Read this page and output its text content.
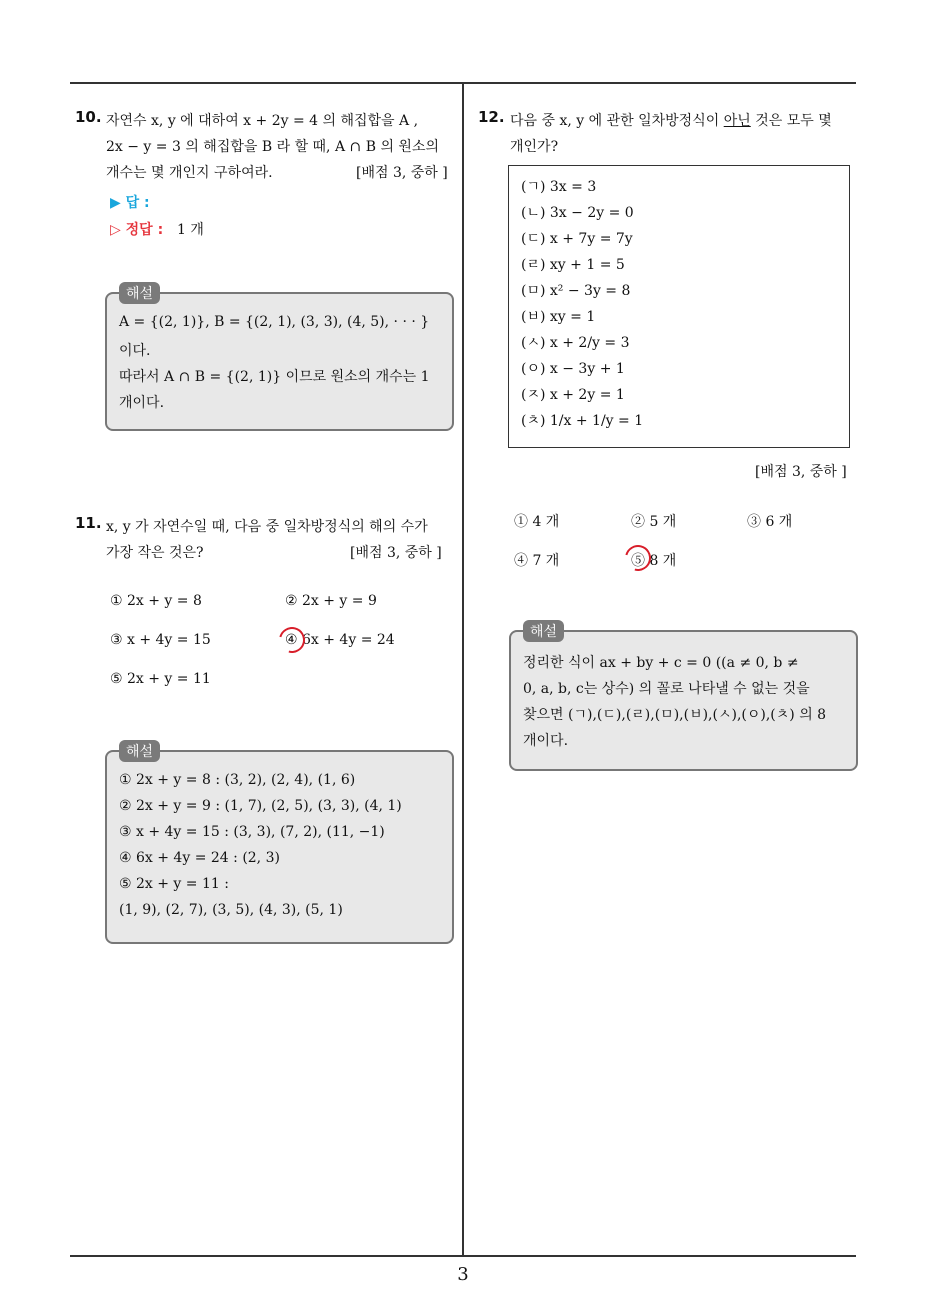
10. 자연수 x, y 에 대하여 x + 2y = 4 의 해집합을 A ,
2x − y = 3 의 해집합을 B 라 할 때, A ∩ B 의 원소의
개수는 몇 개인지 구하여라.	[배점 3, 중하 ]
▶ 답 :
▷ 정답 : 1 개
해설
A = {(2, 1)}, B = {(2, 1), (3, 3), (4, 5), · · · }
이다.
따라서 A ∩ B = {(2, 1)} 이므로 원소의 개수는 1
개이다.
11. x, y 가 자연수일 때, 다음 중 일차방정식의 해의 수가
가장 작은 것은?	[배점 3, 중하 ]
① 2x + y = 8	② 2x + y = 9
③ x + 4y = 15	④ 6x + 4y = 24
⑤ 2x + y = 11
해설
① 2x + y = 8 : (3, 2), (2, 4), (1, 6)
② 2x + y = 9 : (1, 7), (2, 5), (3, 3), (4, 1)
③ x + 4y = 15 : (3, 3), (7, 2), (11, −1)
④ 6x + 4y = 24 : (2, 3)
⑤ 2x + y = 11 :
(1, 9), (2, 7), (3, 5), (4, 3), (5, 1)
12. 다음 중 x, y 에 관한 일차방정식이 아닌 것은 모두 몇
개인가?
(ㄱ) 3x = 3
(ㄴ) 3x − 2y = 0
(ㄷ) x + 7y = 7y
(ㄹ) xy + 1 = 5
(ㅁ) x² − 3y = 8
(ㅂ) xy = 1
(ㅅ) x + 2/y = 3
(ㅇ) x − 3y + 1
(ㅈ) x + 2y = 1
(ㅊ) 1/x + 1/y = 1
[배점 3, 중하 ]
① 4 개	② 5 개	③ 6 개
④ 7 개	⑤ 8 개
해설
정리한 식이 ax + by + c = 0 ((a ≠ 0, b ≠
0, a, b, c는 상수) 의 꼴로 나타낼 수 없는 것을
찾으면 (ㄱ),(ㄷ),(ㄹ),(ㅁ),(ㅂ),(ㅅ),(ㅇ),(ㅊ) 의 8
개이다.
3
